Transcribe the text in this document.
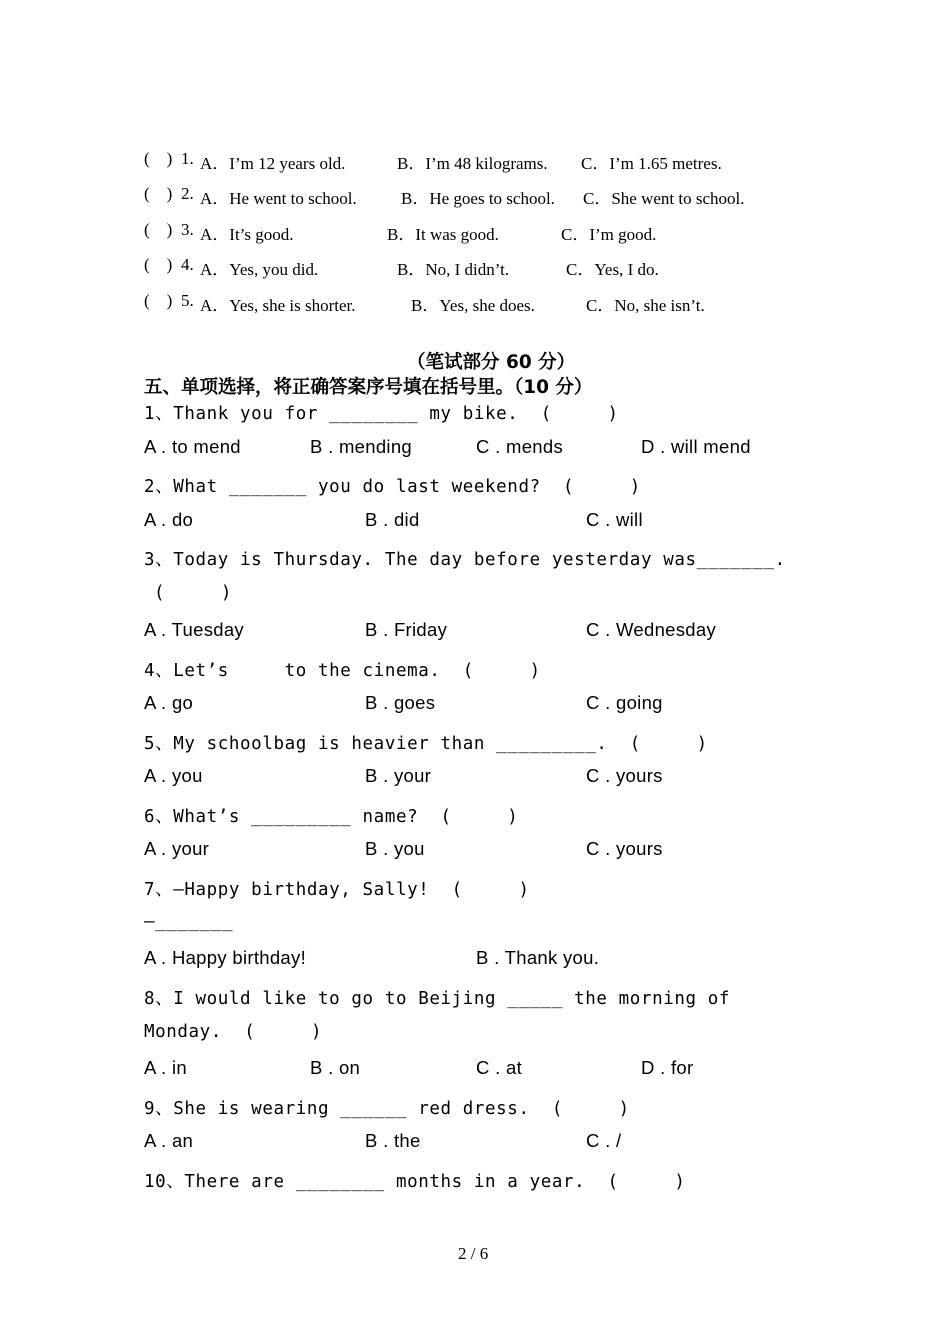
(    ) 1. A．I’m 12 years old.	B．I’m 48 kilograms. C．I’m 1.65 metres.
(    ) 2. A．He went to school.	B．He goes to school. C．She went to school.
(    ) 3. A．It’s good.	B．It was good.	C．I’m good.
(    ) 4. A．Yes, you did.	B．No, I didn’t.	C．Yes, I do.
(    ) 5. A．Yes, she is shorter.	B．Yes, she does.	C．No, she isn’t.
（笔试部分 60 分）
五、单项选择，将正确答案序号填在括号里。（10 分）
1、Thank you for ________ my bike.  (     )
A . to mend	B . mending	C . mends	D . will mend
2、What _______ you do last weekend?  (     )
A . do	B . did	C . will
3、Today is Thursday. The day before yesterday was_______.
(     )
A . Tuesday	B . Friday	C . Wednesday
4、Let’s     to the cinema.  (     )
A . go	B . goes	C . going
5、My schoolbag is heavier than _________.  (     )
A . you	B . your	C . yours
6、What’s _________ name?  (     )
A . your	B . you	C . yours
7、—Happy birthday, Sally!  (     )
—_______
A . Happy birthday!	B . Thank you.
8、I would like to go to Beijing _____ the morning of
Monday.  (     )
A . in	B . on	C . at	D . for
9、She is wearing ______ red dress.  (     )
A . an	B . the	C . /
10、There are ________ months in a year.  (     )
2 / 6
